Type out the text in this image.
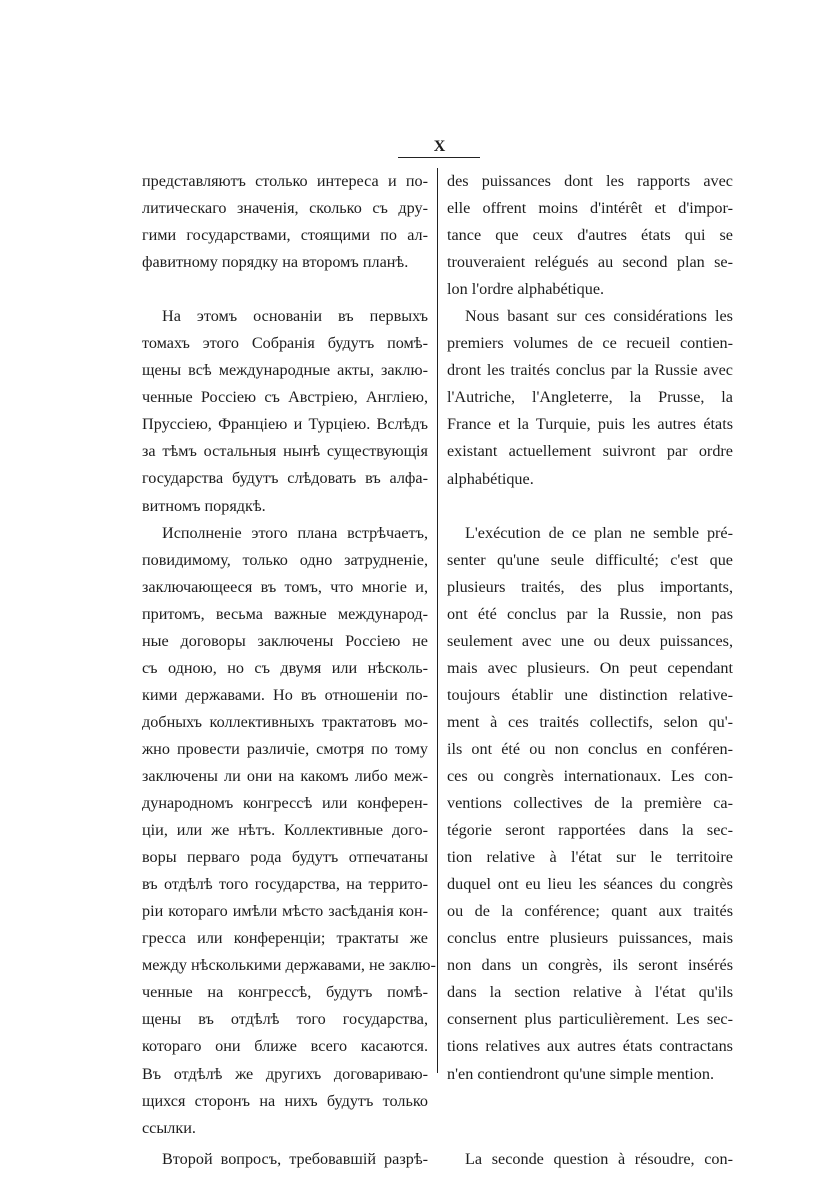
X
представляютъ столько интереса и по-
литическаго значенія, сколько съ дру-
гими государствами, стоящими по ал-
фавитному порядку на второмъ планѣ.
На этомъ основаніи въ первыхъ
томахъ этого Собранія будутъ помѣ-
щены всѣ международные акты, заклю-
ченные Россіею съ Австріею, Англіею,
Пруссіею, Франціею и Турціею. Вслѣдъ
за тѣмъ остальныя нынѣ существующія
государства будутъ слѣдовать въ алфа-
витномъ порядкѣ.
Исполненіе этого плана встрѣчаетъ,
повидимому, только одно затрудненіе,
заключающееся въ томъ, что многіе и,
притомъ, весьма важные международ-
ные договоры заключены Россіею не
съ одною, но съ двумя или нѣсколь-
кими державами. Но въ отношеніи по-
добныхъ коллективныхъ трактатовъ мо-
жно провести различіе, смотря по тому
заключены ли они на какомъ либо меж-
дународномъ конгрессѣ или конферен-
ціи, или же нѣтъ. Коллективные дого-
воры перваго рода будутъ отпечатаны
въ отдѣлѣ того государства, на террито-
ріи котораго имѣли мѣсто засѣданія кон-
гресса или конференціи; трактаты же
между нѣсколькими державами, не заклю-
ченные на конгрессѣ, будутъ помѣ-
щены въ отдѣлѣ того государства,
котораго они ближе всего касаются.
Въ отдѣлѣ же другихъ договариваю-
щихся сторонъ на нихъ будутъ только
ссылки.
Второй вопросъ, требовавшій разрѣ-
des puissances dont les rapports avec
elle offrent moins d'intérêt et d'impor-
tance que ceux d'autres états qui se
trouveraient relégués au second plan se-
lon l'ordre alphabétique.
Nous basant sur ces considérations les
premiers volumes de ce recueil contien-
dront les traités conclus par la Russie avec
l'Autriche, l'Angleterre, la Prusse, la
France et la Turquie, puis les autres états
existant actuellement suivront par ordre
alphabétique.
L'exécution de ce plan ne semble pré-
senter qu'une seule difficulté; c'est que
plusieurs traités, des plus importants,
ont été conclus par la Russie, non pas
seulement avec une ou deux puissances,
mais avec plusieurs. On peut cependant
toujours établir une distinction relative-
ment à ces traités collectifs, selon qu'-
ils ont été ou non conclus en conféren-
ces ou congrès internationaux. Les con-
ventions collectives de la première ca-
tégorie seront rapportées dans la sec-
tion relative à l'état sur le territoire
duquel ont eu lieu les séances du congrès
ou de la conférence; quant aux traités
conclus entre plusieurs puissances, mais
non dans un congrès, ils seront insérés
dans la section relative à l'état qu'ils
consernent plus particulièrement. Les sec-
tions relatives aux autres états contractans
n'en contiendront qu'une simple mention.
La seconde question à résoudre, con-
